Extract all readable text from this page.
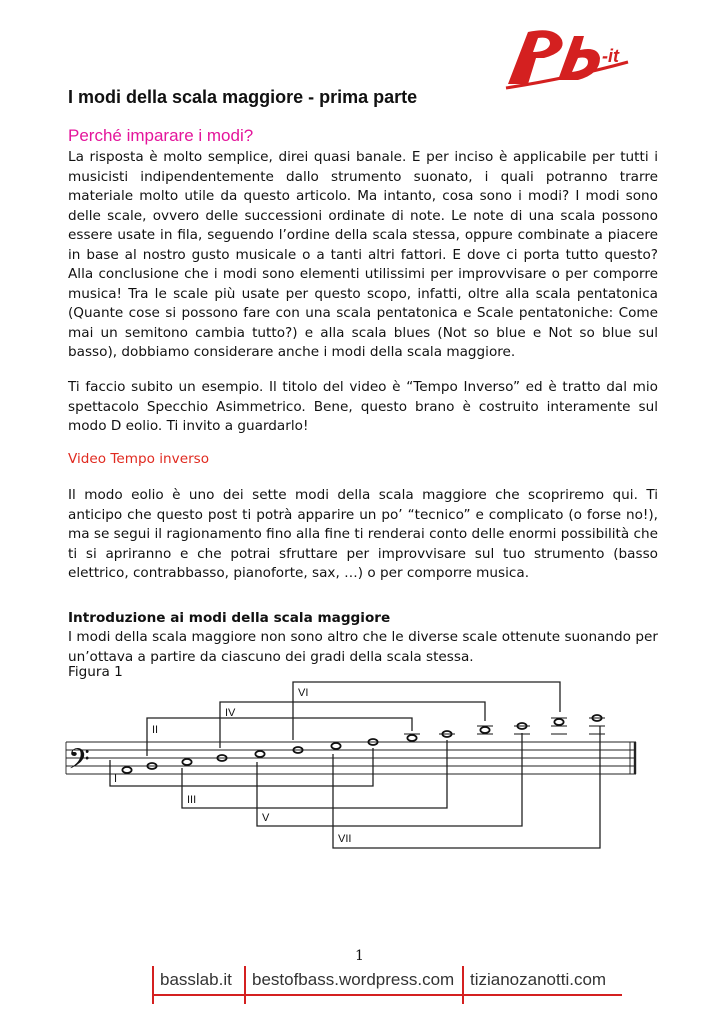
-it
I modi della scala maggiore - prima parte
Perché imparare i modi?

La risposta è molto semplice, direi quasi banale. E per inciso è applicabile per tutti i musicisti indipendentemente dallo strumento suonato, i quali potranno trarre materiale molto utile da questo articolo. Ma intanto, cosa sono i modi? I modi sono delle scale, ovvero delle successioni ordinate di note. Le note di una scala possono essere usate in fila, seguendo l’ordine della scala stessa, oppure combinate a piacere in base al nostro gusto musicale o a tanti altri fattori. E dove ci porta tutto questo? Alla conclusione che i modi sono elementi utilissimi per improvvisare o per comporre musica! Tra le scale più usate per questo scopo, infatti, oltre alla scala pentatonica (Quante cose si possono fare con una scala pentatonica e Scale pentatoniche: Come mai un semitono cambia tutto?) e alla scala blues (Not so blue e Not so blue sul basso), dobbiamo considerare anche i modi della scala maggiore.

Ti faccio subito un esempio. Il titolo del video è “Tempo Inverso” ed è tratto dal mio spettacolo Specchio Asimmetrico. Bene, questo brano è costruito interamente sul modo D eolio. Ti invito a guardarlo!

Video Tempo inverso

Il modo eolio è uno dei sette modi della scala maggiore che scopriremo qui. Ti anticipo che questo post ti potrà apparire un po’ “tecnico” e complicato (o forse no!), ma se segui il ragionamento fino alla fine ti renderai conto delle enormi possibilità che ti si apriranno e che potrai sfruttare per improvvisare sul tuo strumento (basso elettrico, contrabbasso, pianoforte, sax, …) o per comporre musica.

Introduzione ai modi della scala maggiore

I modi della scala maggiore non sono altro che le diverse scale ottenute suonando per un’ottava a partire da ciascuno dei gradi della scala stessa.

Figura 1
𝄢 I
II
III
IV
V
VI
VII
1
basslab.it bestofbass.wordpress.com tizianozanotti.com
